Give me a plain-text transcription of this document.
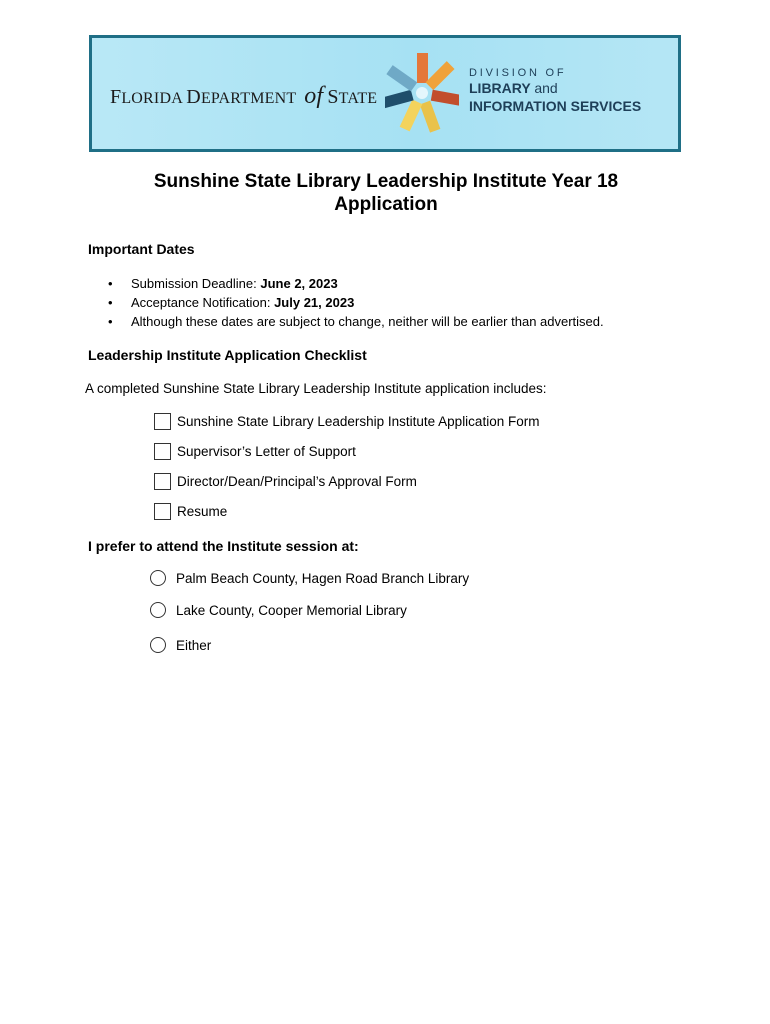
FLORIDA DEPARTMENT of STATE
DIVISION OF
LIBRARY and
INFORMATION SERVICES
Sunshine State Library Leadership Institute Year 18
Application
Important Dates
• Submission Deadline: June 2, 2023
• Acceptance Notification: July 21, 2023
• Although these dates are subject to change, neither will be earlier than advertised.
Leadership Institute Application Checklist
A completed Sunshine State Library Leadership Institute application includes:
Sunshine State Library Leadership Institute Application Form
Supervisor’s Letter of Support
Director/Dean/Principal’s Approval Form
Resume
I prefer to attend the Institute session at:
Palm Beach County, Hagen Road Branch Library
Lake County, Cooper Memorial Library
Either
